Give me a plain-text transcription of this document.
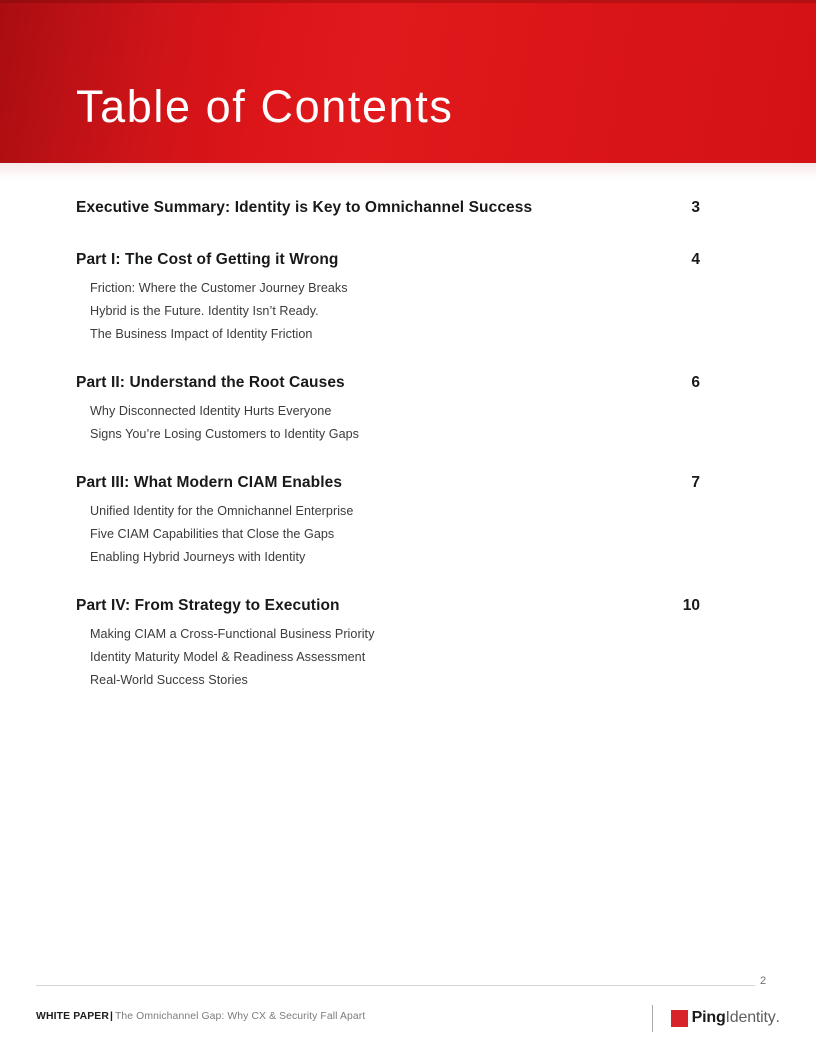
Table of Contents
Executive Summary: Identity is Key to Omnichannel Success	3
Part I: The Cost of Getting it Wrong	4
Friction: Where the Customer Journey Breaks
Hybrid is the Future. Identity Isn’t Ready.
The Business Impact of Identity Friction
Part II: Understand the Root Causes	6
Why Disconnected Identity Hurts Everyone
Signs You’re Losing Customers to Identity Gaps
Part III: What Modern CIAM Enables	7
Unified Identity for the Omnichannel Enterprise
Five CIAM Capabilities that Close the Gaps
Enabling Hybrid Journeys with Identity
Part IV: From Strategy to Execution	10
Making CIAM a Cross-Functional Business Priority
Identity Maturity Model & Readiness Assessment
Real-World Success Stories
2
WHITE PAPER| The Omnichannel Gap: Why CX & Security Fall Apart	Ping Identity .
